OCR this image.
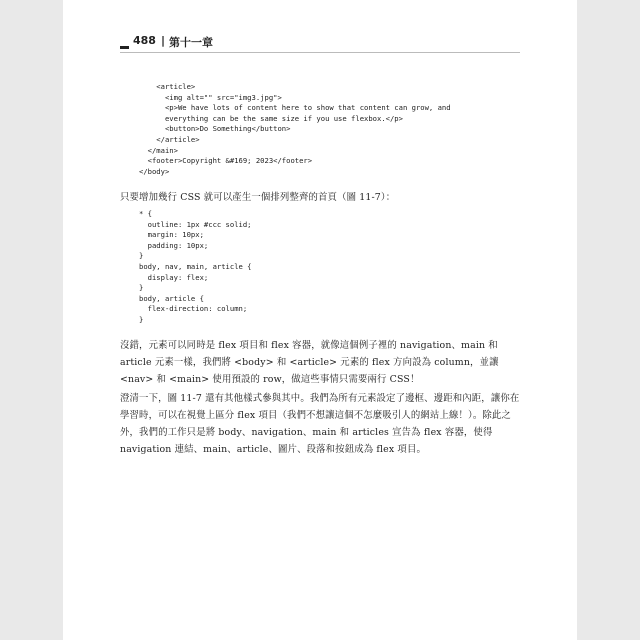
488 | 第十一章
<article>
<img alt="" src="img3.jpg">
<p>We have lots of content here to show that content can grow, and
everything can be the same size if you use flexbox.</p>
<button>Do Something</button>
</article>
</main>
<footer>Copyright &#169; 2023</footer>
</body>

只要增加幾行 CSS 就可以產生一個排列整齊的首頁（圖 11-7）：

* {
outline: 1px #ccc solid;
margin: 10px;
padding: 10px;
}
body, nav, main, article {
display: flex;
}
body, article {
flex-direction: column;
}

沒錯，元素可以同時是 flex 項目和 flex 容器，就像這個例子裡的 navigation、main 和 article 元素一樣，我們將 <body> 和 <article> 元素的 flex 方向設為 column，並讓 <nav> 和 <main> 使用預設的 row，做這些事情只需要兩行 CSS！

澄清一下，圖 11-7 還有其他樣式參與其中。我們為所有元素設定了邊框、邊距和內距，讓你在學習時，可以在視覺上區分 flex 項目（我們不想讓這個不怎麼吸引人的網站上線！）。除此之外，我們的工作只是將 body、navigation、main 和 articles 宣告為 flex 容器，使得 navigation 連結、main、article、圖片、段落和按鈕成為 flex 項目。
